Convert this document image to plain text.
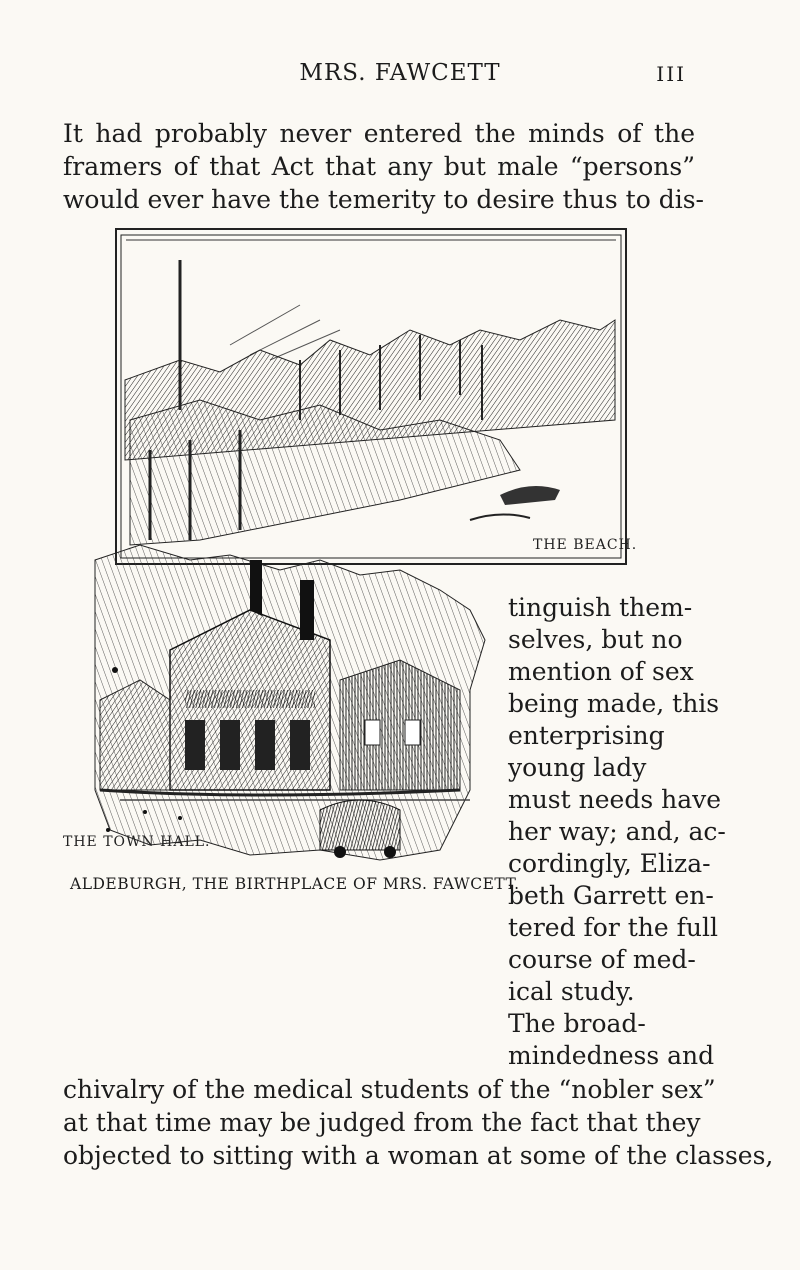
MRS. FAWCETT	III
It had probably never entered the minds of the
framers of that Act that any but male “persons”
would ever have the temerity to desire thus to dis-
THE BEACH.
THE TOWN HALL.
ALDEBURGH, THE BIRTHPLACE OF MRS. FAWCETT.
tinguish them-
selves, but no
mention of sex
being made, this
enterprising
young lady
must needs have
her way; and, ac-
cordingly, Eliza-
beth Garrett en-
tered for the full
course of med-
ical study.
The broad-
mindedness and
chivalry of the medical students of the “nobler sex”
at that time may be judged from the fact that they
objected to sitting with a woman at some of the classes,
